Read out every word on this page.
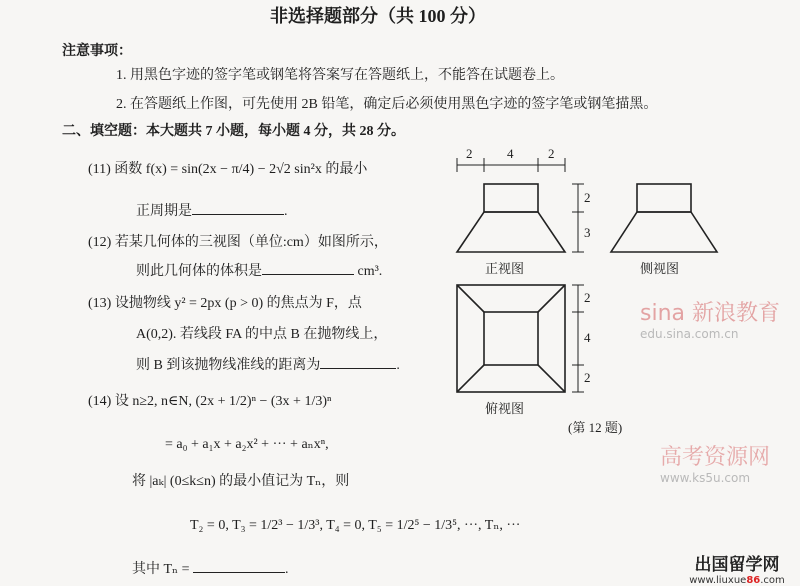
sina 新浪教育
edu.sina.com.cn
高考资源网
www.ks5u.com
非选择题部分（共 100 分）
注意事项：
1. 用黑色字迹的签字笔或钢笔将答案写在答题纸上，不能答在试题卷上。
2. 在答题纸上作图，可先使用 2B 铅笔，确定后必须使用黑色字迹的签字笔或钢笔描黑。
二、填空题：本大题共 7 小题，每小题 4 分，共 28 分。
(11) 函数 f(x) = sin(2x − π/4) − 2√2 sin²x 的最小
正周期是	.
(12) 若某几何体的三视图（单位:cm）如图所示，
则此几何体的体积是	cm³.
(13) 设抛物线 y² = 2px (p > 0) 的焦点为 F，点
A(0,2). 若线段 FA 的中点 B 在抛物线上，
则 B 到该抛物线准线的距离为	.
(14) 设 n≥2, n∈N, (2x + 1/2)ⁿ − (3x + 1/3)ⁿ
= a₀ + a₁x + a₂x² + ··· + aₙxⁿ,
将 |aₖ| (0≤k≤n) 的最小值记为 Tₙ，则
T₂ = 0, T₃ = 1/2³ − 1/3³, T₄ = 0, T₅ = 1/2⁵ − 1/3⁵, ···, Tₙ, ···
其中 Tₙ =	.
2	4	2
2
3
2
4
2
正视图	侧视图
俯视图
(第 12 题)
出国留学网
www.liuxue86.com
